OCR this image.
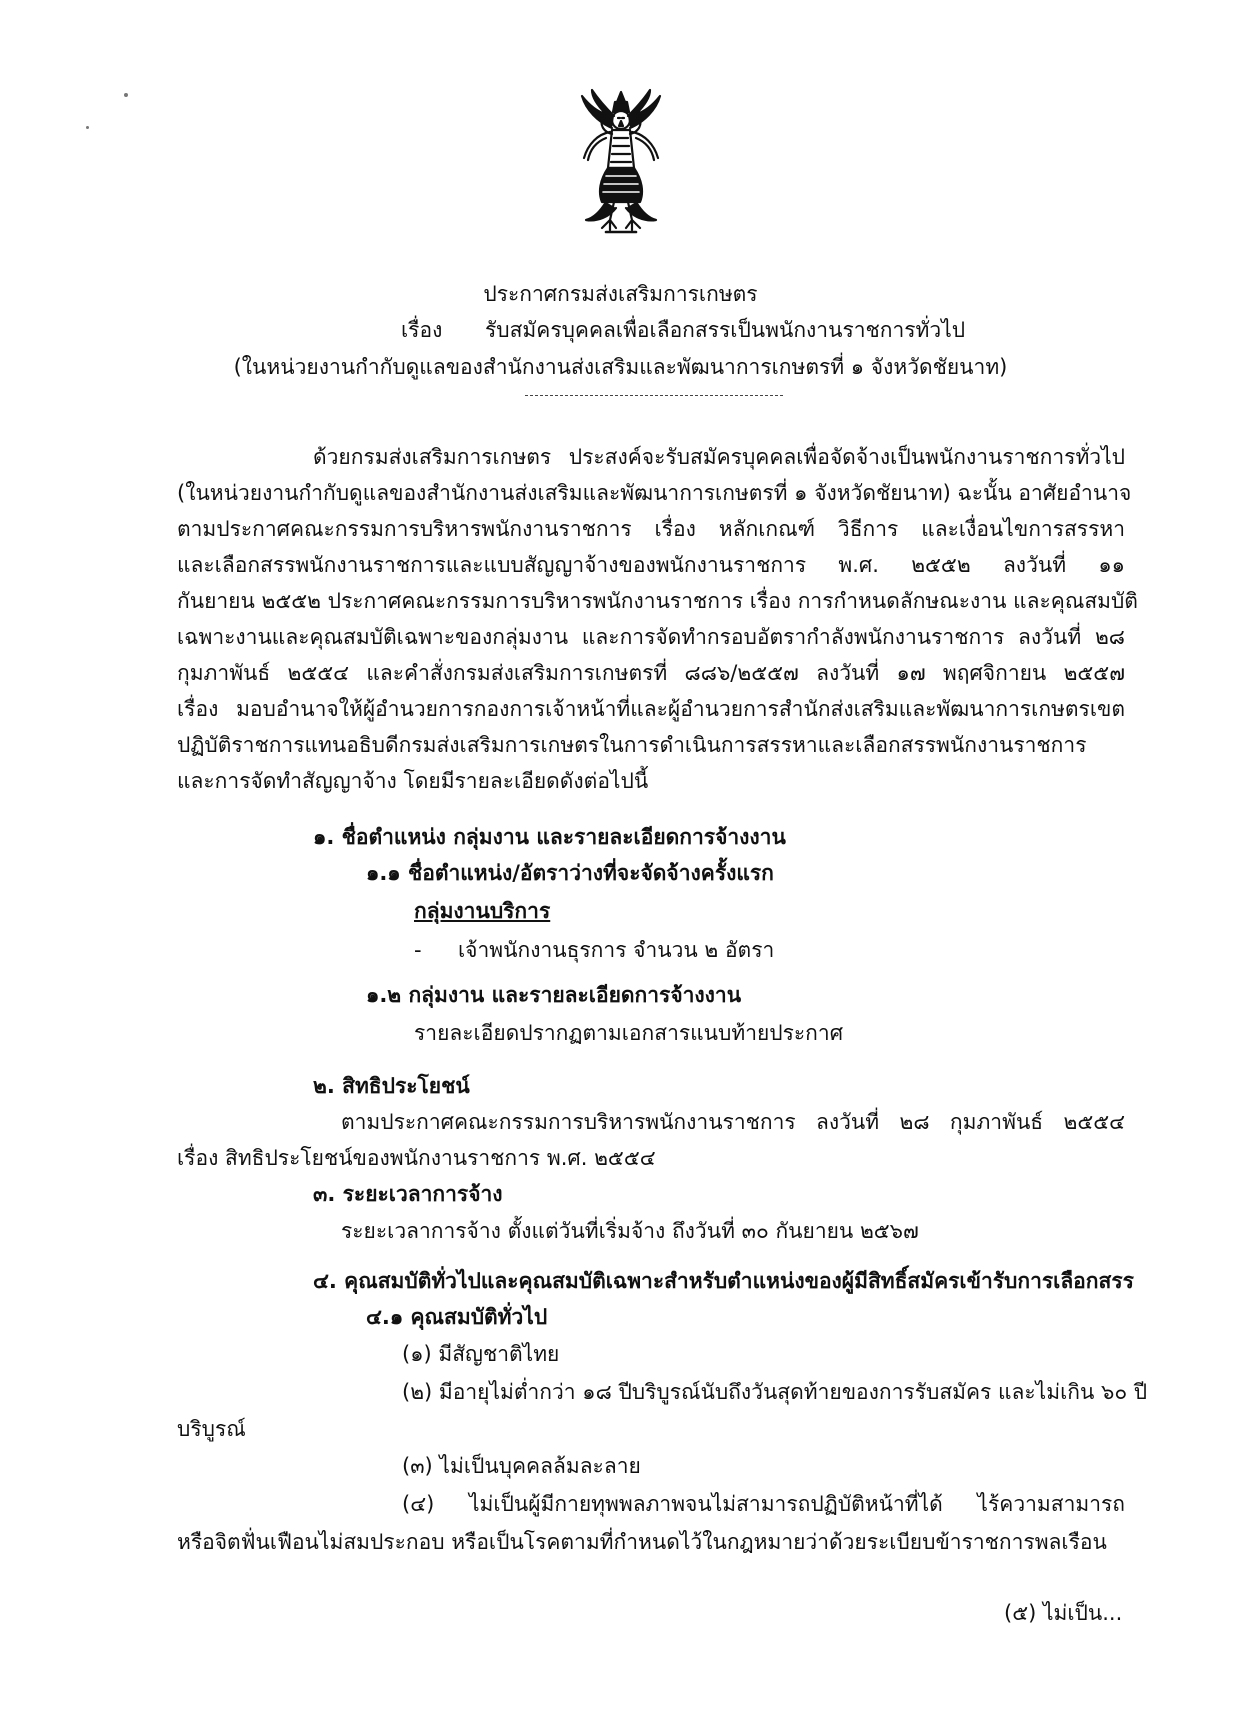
ประกาศกรมส่งเสริมการเกษตร
เรื่อง รับสมัครบุคคลเพื่อเลือกสรรเป็นพนักงานราชการทั่วไป
(ในหน่วยงานกำกับดูแลของสำนักงานส่งเสริมและพัฒนาการเกษตรที่ ๑ จังหวัดชัยนาท)
ด้วยกรมส่งเสริมการเกษตร ประสงค์จะรับสมัครบุคคลเพื่อจัดจ้างเป็นพนักงานราชการทั่วไป
(ในหน่วยงานกำกับดูแลของสำนักงานส่งเสริมและพัฒนาการเกษตรที่ ๑ จังหวัดชัยนาท) ฉะนั้น อาศัยอำนาจ
ตามประกาศคณะกรรมการบริหารพนักงานราชการ เรื่อง หลักเกณฑ์ วิธีการ และเงื่อนไขการสรรหา
และเลือกสรรพนักงานราชการและแบบสัญญาจ้างของพนักงานราชการ พ.ศ. ๒๕๕๒ ลงวันที่ ๑๑
กันยายน ๒๕๕๒ ประกาศคณะกรรมการบริหารพนักงานราชการ เรื่อง การกำหนดลักษณะงาน และคุณสมบัติ
เฉพาะงานและคุณสมบัติเฉพาะของกลุ่มงาน และการจัดทำกรอบอัตรากำลังพนักงานราชการ ลงวันที่ ๒๘
กุมภาพันธ์ ๒๕๕๔ และคำสั่งกรมส่งเสริมการเกษตรที่ ๘๘๖/๒๕๕๗ ลงวันที่ ๑๗ พฤศจิกายน ๒๕๕๗
เรื่อง มอบอำนาจให้ผู้อำนวยการกองการเจ้าหน้าที่และผู้อำนวยการสำนักส่งเสริมและพัฒนาการเกษตรเขต
ปฏิบัติราชการแทนอธิบดีกรมส่งเสริมการเกษตรในการดำเนินการสรรหาและเลือกสรรพนักงานราชการ
และการจัดทำสัญญาจ้าง โดยมีรายละเอียดดังต่อไปนี้
๑. ชื่อตำแหน่ง กลุ่มงาน และรายละเอียดการจ้างงาน
๑.๑ ชื่อตำแหน่ง/อัตราว่างที่จะจัดจ้างครั้งแรก
กลุ่มงานบริการ
- เจ้าพนักงานธุรการ จำนวน ๒ อัตรา
๑.๒ กลุ่มงาน และรายละเอียดการจ้างงาน
รายละเอียดปรากฏตามเอกสารแนบท้ายประกาศ
๒. สิทธิประโยชน์
ตามประกาศคณะกรรมการบริหารพนักงานราชการ ลงวันที่ ๒๘ กุมภาพันธ์ ๒๕๕๔
เรื่อง สิทธิประโยชน์ของพนักงานราชการ พ.ศ. ๒๕๕๔
๓. ระยะเวลาการจ้าง
ระยะเวลาการจ้าง ตั้งแต่วันที่เริ่มจ้าง ถึงวันที่ ๓๐ กันยายน ๒๕๖๗
๔. คุณสมบัติทั่วไปและคุณสมบัติเฉพาะสำหรับตำแหน่งของผู้มีสิทธิ์สมัครเข้ารับการเลือกสรร
๔.๑ คุณสมบัติทั่วไป
(๑) มีสัญชาติไทย
(๒) มีอายุไม่ต่ำกว่า ๑๘ ปีบริบูรณ์นับถึงวันสุดท้ายของการรับสมัคร และไม่เกิน ๖๐ ปี
บริบูรณ์
(๓) ไม่เป็นบุคคลล้มละลาย
(๔) ไม่เป็นผู้มีกายทุพพลภาพจนไม่สามารถปฏิบัติหน้าที่ได้ ไร้ความสามารถ
หรือจิตฟั่นเฟือนไม่สมประกอบ หรือเป็นโรคตามที่กำหนดไว้ในกฎหมายว่าด้วยระเบียบข้าราชการพลเรือน
(๕) ไม่เป็น...
